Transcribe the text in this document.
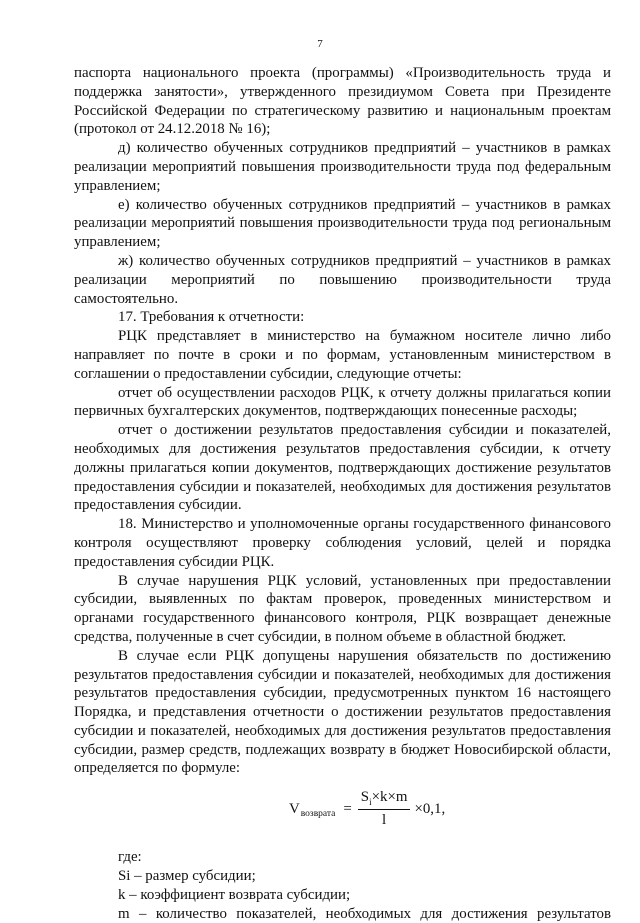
7

паспорта национального проекта (программы) «Производительность труда и поддержка занятости», утвержденного президиумом Совета при Президенте Российской Федерации по стратегическому развитию и национальным проектам (протокол от 24.12.2018 № 16);

д) количество обученных сотрудников предприятий – участников в рамках реализации мероприятий повышения производительности труда под федеральным управлением;

е) количество обученных сотрудников предприятий – участников в рамках реализации мероприятий повышения производительности труда под региональным управлением;

ж) количество обученных сотрудников предприятий – участников в рамках реализации мероприятий по повышению производительности труда самостоятельно.

17. Требования к отчетности:

РЦК представляет в министерство на бумажном носителе лично либо направляет по почте в сроки и по формам, установленным министерством в соглашении о предоставлении субсидии, следующие отчеты:

отчет об осуществлении расходов РЦК, к отчету должны прилагаться копии первичных бухгалтерских документов, подтверждающих понесенные расходы;

отчет о достижении результатов предоставления субсидии и показателей, необходимых для достижения результатов предоставления субсидии, к отчету должны прилагаться копии документов, подтверждающих достижение результатов предоставления субсидии и показателей, необходимых для достижения результатов предоставления субсидии.

18. Министерство и уполномоченные органы государственного финансового контроля осуществляют проверку соблюдения условий, целей и порядка предоставления субсидии РЦК.

В случае нарушения РЦК условий, установленных при предоставлении субсидии, выявленных по фактам проверок, проведенных министерством и органами государственного финансового контроля, РЦК возвращает денежные средства, полученные в счет субсидии, в полном объеме в областной бюджет.

В случае если РЦК допущены нарушения обязательств по достижению результатов предоставления субсидии и показателей, необходимых для достижения результатов предоставления субсидии, предусмотренных пунктом 16 настоящего Порядка, и представления отчетности о достижении результатов предоставления субсидии и показателей, необходимых для достижения результатов предоставления субсидии, размер средств, подлежащих возврату в бюджет Новосибирской области, определяется по формуле:

V возврата = $\frac{S_i\times k\times m}{l} \times 0,1$,

где:

Si – размер субсидии;

k – коэффициент возврата субсидии;

m – количество показателей, необходимых для достижения результатов
